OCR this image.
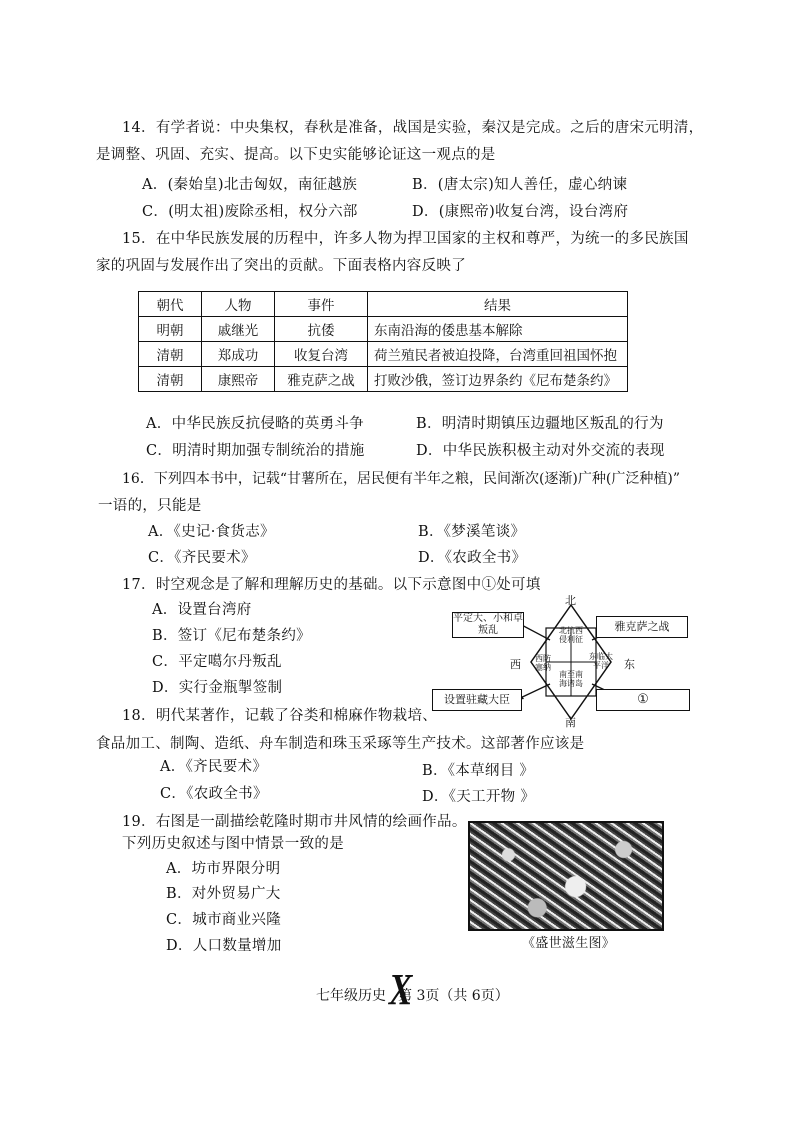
14．有学者说：中央集权，春秋是准备，战国是实验，秦汉是完成。之后的唐宋元明清，
是调整、巩固、充实、提高。以下史实能够论证这一观点的是
A．(秦始皇)北击匈奴，南征越族	B．(唐太宗)知人善任，虚心纳谏
C．(明太祖)废除丞相，权分六部	D．(康熙帝)收复台湾，设台湾府
15．在中华民族发展的历程中，许多人物为捍卫国家的主权和尊严，为统一的多民族国
家的巩固与发展作出了突出的贡献。下面表格内容反映了
朝代	人物	事件	结果
明朝	戚继光	抗倭	东南沿海的倭患基本解除
清朝	郑成功	收复台湾	荷兰殖民者被迫投降，台湾重回祖国怀抱
清朝	康熙帝	雅克萨之战	打败沙俄，签订边界条约《尼布楚条约》
A．中华民族反抗侵略的英勇斗争	B．明清时期镇压边疆地区叛乱的行为
C．明清时期加强专制统治的措施	D．中华民族积极主动对外交流的表现
16．下列四本书中，记载“甘薯所在，居民便有半年之粮，民间渐次(逐渐)广种(广泛种植)”
一语的，只能是
A．《史记·食货志》	B．《梦溪笔谈》
C．《齐民要术》	D．《农政全书》
17．时空观念是了解和理解历史的基础。以下示意图中①处可填
A．设置台湾府
B．签订《尼布楚条约》
C．平定噶尔丹叛乱
D．实行金瓶掣签制
北
南
西	东
平定大、小和卓叛乱	雅克萨之战
设置驻藏大臣	①
北抗西侵利征
西防塞纳
东临太平洋
南至南海诸岛
18．明代某著作，记载了谷类和棉麻作物栽培、
食品加工、制陶、造纸、舟车制造和珠玉采琢等生产技术。这部著作应该是
A．《齐民要术》	B．《本草纲目 》
C．《农政全书》	D．《天工开物 》
19．右图是一副描绘乾隆时期市井风情的绘画作品。
下列历史叙述与图中情景一致的是
A．坊市界限分明
B．对外贸易广大
C．城市商业兴隆
D．人口数量增加	《盛世滋生图》
七年级历史 X
第 3页（共 6页）
